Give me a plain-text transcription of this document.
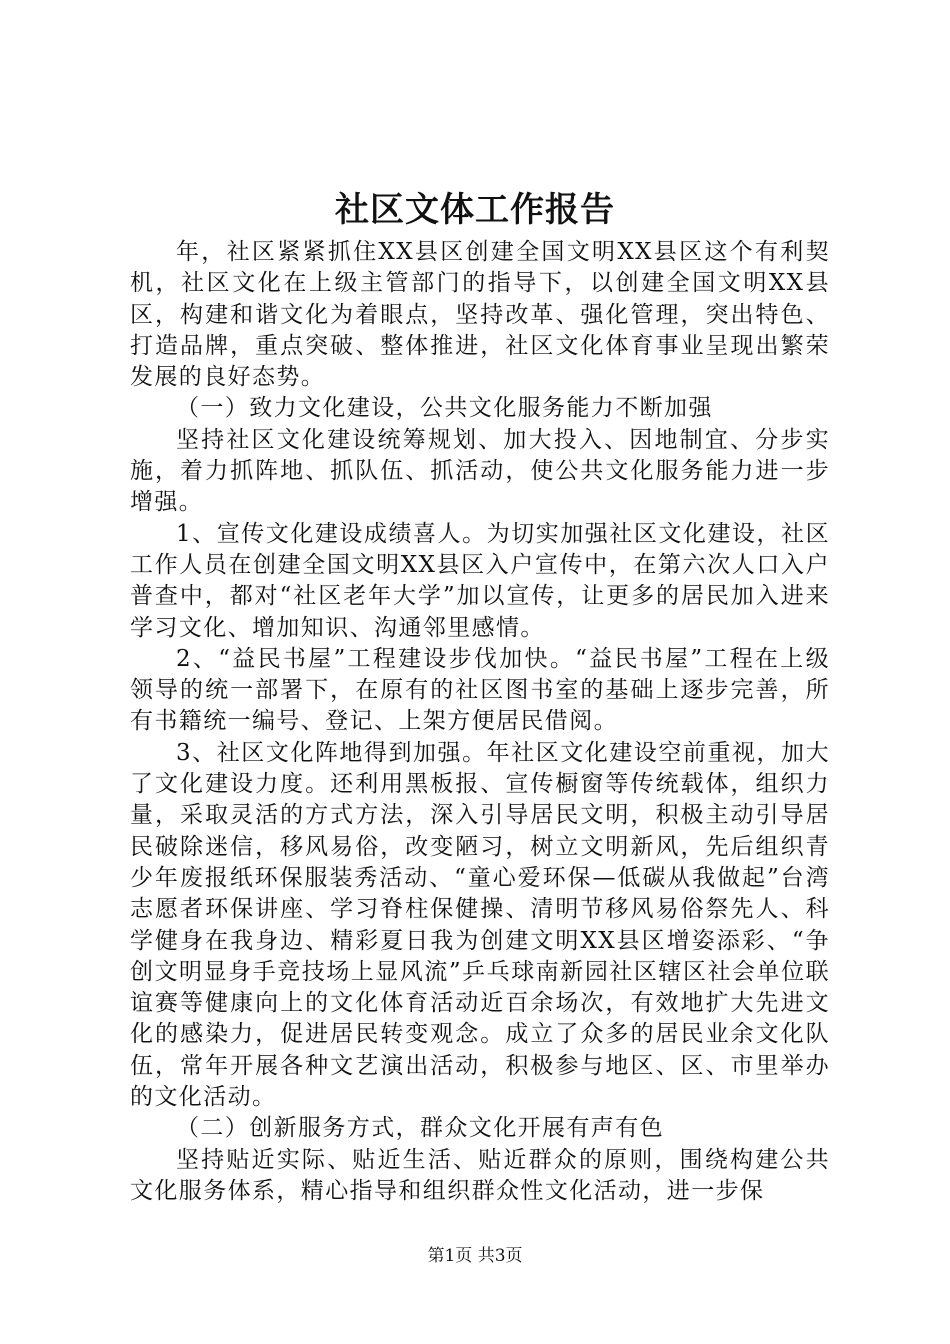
社区文体工作报告

年，社区紧紧抓住XX县区创建全国文明XX县区这个有利契机，社区文化在上级主管部门的指导下，以创建全国文明XX县区，构建和谐文化为着眼点，坚持改革、强化管理，突出特色、打造品牌，重点突破、整体推进，社区文化体育事业呈现出繁荣发展的良好态势。

（一）致力文化建设，公共文化服务能力不断加强

坚持社区文化建设统筹规划、加大投入、因地制宜、分步实施，着力抓阵地、抓队伍、抓活动，使公共文化服务能力进一步增强。

1、宣传文化建设成绩喜人。为切实加强社区文化建设，社区工作人员在创建全国文明XX县区入户宣传中，在第六次人口入户普查中，都对“社区老年大学”加以宣传，让更多的居民加入进来学习文化、增加知识、沟通邻里感情。

2、“益民书屋”工程建设步伐加快。“益民书屋”工程在上级领导的统一部署下，在原有的社区图书室的基础上逐步完善，所有书籍统一编号、登记、上架方便居民借阅。

3、社区文化阵地得到加强。年社区文化建设空前重视，加大了文化建设力度。还利用黑板报、宣传橱窗等传统载体，组织力量，采取灵活的方式方法，深入引导居民文明，积极主动引导居民破除迷信，移风易俗，改变陋习，树立文明新风，先后组织青少年废报纸环保服装秀活动、“童心爱环保—低碳从我做起”台湾志愿者环保讲座、学习脊柱保健操、清明节移风易俗祭先人、科学健身在我身边、精彩夏日我为创建文明XX县区增姿添彩、“争创文明显身手竞技场上显风流”乒乓球南新园社区辖区社会单位联谊赛等健康向上的文化体育活动近百余场次，有效地扩大先进文化的感染力，促进居民转变观念。成立了众多的居民业余文化队伍，常年开展各种文艺演出活动，积极参与地区、区、市里举办的文化活动。

（二）创新服务方式，群众文化开展有声有色

坚持贴近实际、贴近生活、贴近群众的原则，围绕构建公共文化服务体系，精心指导和组织群众性文化活动，进一步保

第1页 共3页
